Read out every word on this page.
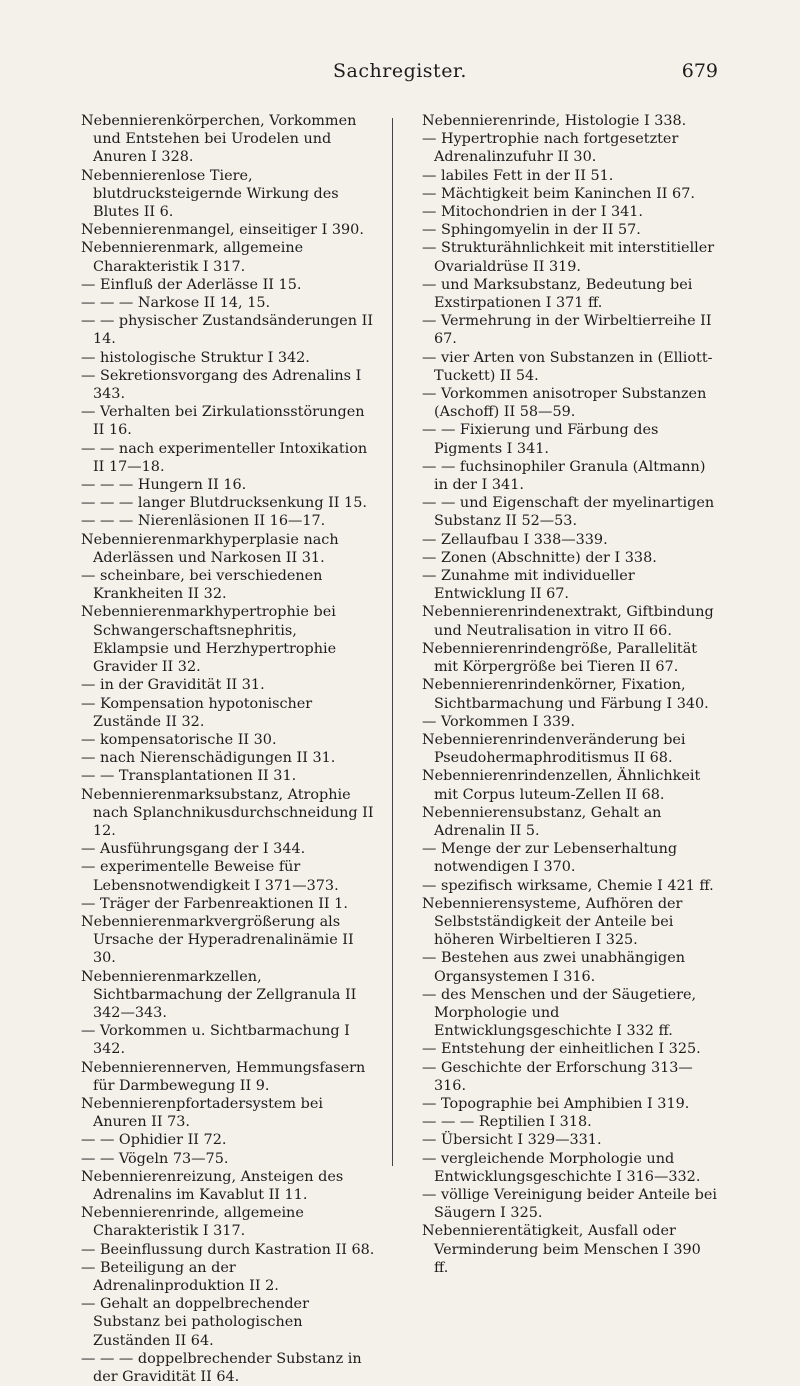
Sachregister.	679

Nebennierenkörperchen, Vorkommen und Entstehen bei Urodelen und Anuren I 328.

Nebennierenlose Tiere, blutdrucksteigernde Wirkung des Blutes II 6.

Nebennierenmangel, einseitiger I 390.

Nebennierenmark, allgemeine Charakteristik I 317.

— Einfluß der Aderlässe II 15.

— — — Narkose II 14, 15.

— — physischer Zustandsänderungen II 14.

— histologische Struktur I 342.

— Sekretionsvorgang des Adrenalins I 343.

— Verhalten bei Zirkulationsstörungen II 16.

— — nach experimenteller Intoxikation II 17—18.

— — — Hungern II 16.

— — — langer Blutdrucksenkung II 15.

— — — Nierenläsionen II 16—17.

Nebennierenmarkhyperplasie nach Aderlässen und Narkosen II 31.

— scheinbare, bei verschiedenen Krankheiten II 32.

Nebennierenmarkhypertrophie bei Schwangerschaftsnephritis, Eklampsie und Herzhypertrophie Gravider II 32.

— in der Gravidität II 31.

— Kompensation hypotonischer Zustände II 32.

— kompensatorische II 30.

— nach Nierenschädigungen II 31.

— — Transplantationen II 31.

Nebennierenmarksubstanz, Atrophie nach Splanchnikusdurchschneidung II 12.

— Ausführungsgang der I 344.

— experimentelle Beweise für Lebensnotwendigkeit I 371—373.

— Träger der Farbenreaktionen II 1.

Nebennierenmarkvergrößerung als Ursache der Hyperadrenalinämie II 30.

Nebennierenmarkzellen, Sichtbarmachung der Zellgranula II 342—343.

— Vorkommen u. Sichtbarmachung I 342.

Nebennierennerven, Hemmungsfasern für Darmbewegung II 9.

Nebennierenpfortadersystem bei Anuren II 73.

— — Ophidier II 72.

— — Vögeln 73—75.

Nebennierenreizung, Ansteigen des Adrenalins im Kavablut II 11.

Nebennierenrinde, allgemeine Charakteristik I 317.

— Beeinflussung durch Kastration II 68.

— Beteiligung an der Adrenalinproduktion II 2.

— Gehalt an doppelbrechender Substanz bei pathologischen Zuständen II 64.

— — — doppelbrechender Substanz in der Gravidität II 64.

Nebennierenrinde, Histologie I 338.

— Hypertrophie nach fortgesetzter Adrenalinzufuhr II 30.

— labiles Fett in der II 51.

— Mächtigkeit beim Kaninchen II 67.

— Mitochondrien in der I 341.

— Sphingomyelin in der II 57.

— Strukturähnlichkeit mit interstitieller Ovarialdrüse II 319.

— und Marksubstanz, Bedeutung bei Exstirpationen I 371 ff.

— Vermehrung in der Wirbeltierreihe II 67.

— vier Arten von Substanzen in (Elliott-Tuckett) II 54.

— Vorkommen anisotroper Substanzen (Aschoff) II 58—59.

— — Fixierung und Färbung des Pigments I 341.

— — fuchsinophiler Granula (Altmann) in der I 341.

— — und Eigenschaft der myelinartigen Substanz II 52—53.

— Zellaufbau I 338—339.

— Zonen (Abschnitte) der I 338.

— Zunahme mit individueller Entwicklung II 67.

Nebennierenrindenextrakt, Giftbindung und Neutralisation in vitro II 66.

Nebennierenrindengröße, Parallelität mit Körpergröße bei Tieren II 67.

Nebennierenrindenkörner, Fixation, Sichtbarmachung und Färbung I 340.

— Vorkommen I 339.

Nebennierenrindenveränderung bei Pseudohermaphroditismus II 68.

Nebennierenrindenzellen, Ähnlichkeit mit Corpus luteum-Zellen II 68.

Nebennierensubstanz, Gehalt an Adrenalin II 5.

— Menge der zur Lebenserhaltung notwendigen I 370.

— spezifisch wirksame, Chemie I 421 ff.

Nebennierensysteme, Aufhören der Selbstständigkeit der Anteile bei höheren Wirbeltieren I 325.

— Bestehen aus zwei unabhängigen Organsystemen I 316.

— des Menschen und der Säugetiere, Morphologie und Entwicklungsgeschichte I 332 ff.

— Entstehung der einheitlichen I 325.

— Geschichte der Erforschung 313—316.

— Topographie bei Amphibien I 319.

— — — Reptilien I 318.

— Übersicht I 329—331.

— vergleichende Morphologie und Entwicklungsgeschichte I 316—332.

— völlige Vereinigung beider Anteile bei Säugern I 325.

Nebennierentätigkeit, Ausfall oder Verminderung beim Menschen I 390 ff.
